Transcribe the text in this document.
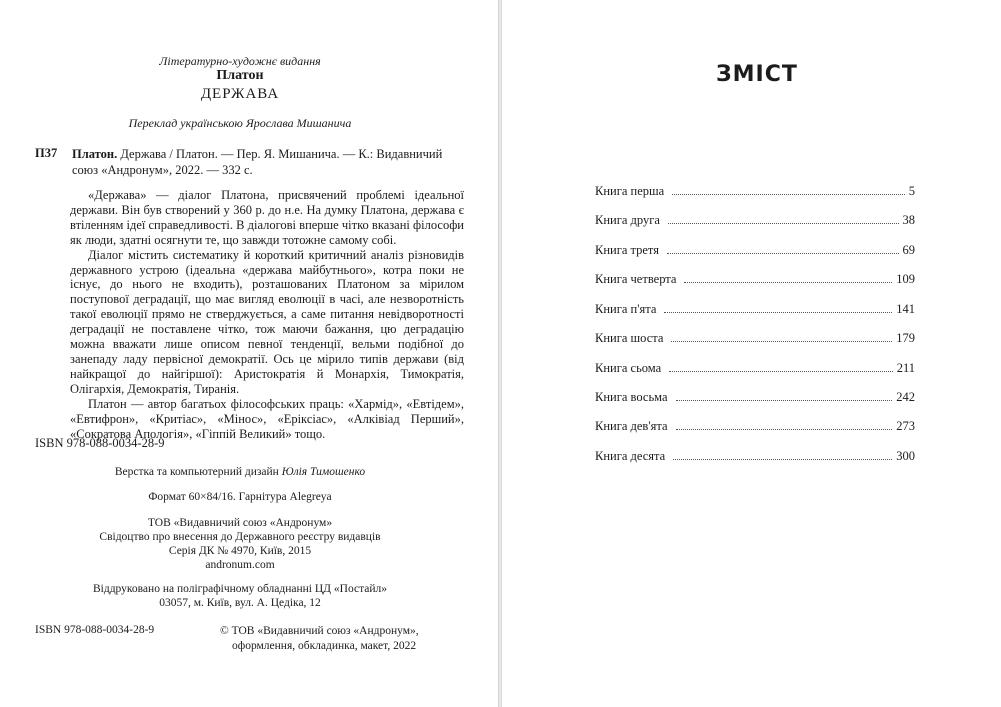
Літературно-художнє видання
Платон
ДЕРЖАВА
Переклад українською Ярослава Мишанича
П37 Платон. Держава / Платон. — Пер. Я. Мишанича. — К.: Видавничий
союз «Андронум», 2022. — 332 с.

«Держава» — діалог Платона, присвячений проблемі ідеальної держави. Він був створений у 360 р. до н.е. На думку Платона, держава є втіленням ідеї справедливості. В діалогові вперше чітко вказані філософи як люди, здатні осягнути те, що завжди тотожне самому собі.

Діалог містить систематику й короткий критичний аналіз різновидів державного устрою (ідеальна «держава майбутнього», котра поки не існує, до нього не входить), розташованих Платоном за мірилом поступової деградації, що має вигляд еволюції в часі, але незворотність такої еволюції прямо не стверджується, а саме питання невідворотності деградації не поставлене чітко, тож маючи бажання, цю деградацію можна вважати лише описом певної тенденції, вельми подібної до занепаду ладу первісної демократії. Ось це мірило типів держави (від найкращої до найгіршої): Аристократія й Монархія, Тимократія, Олігархія, Демократія, Тиранія.

Платон — автор багатьох філософських праць: «Хармід», «Евтідем», «Евтифрон», «Критіас», «Мінос», «Еріксіас», «Алківіад Перший», «Сократова Апологія», «Гіппій Великий» тощо.

ISBN 978-088-0034-28-9
Верстка та компьютерний дизайн Юлія Тимошенко
Формат 60×84/16. Гарнітура Alegreya
ТОВ «Видавничий союз «Андронум»
Свідоцтво про внесення до Державного реєстру видавців
Серія ДК № 4970, Київ, 2015
andronum.com
Віддруковано на поліграфічному обладнанні ЦД «Постайл»
03057, м. Київ, вул. А. Цедіка, 12
ISBN 978-088-0034-28-9	© ТОВ «Видавничий союз «Андронум»,
оформлення, обкладинка, макет, 2022
ЗМІСТ
Книга перша	5
Книга друга	38
Книга третя	69
Книга четверта	109
Книга п'ята	141
Книга шоста	179
Книга сьома	211
Книга восьма	242
Книга дев'ята	273
Книга десята	300
